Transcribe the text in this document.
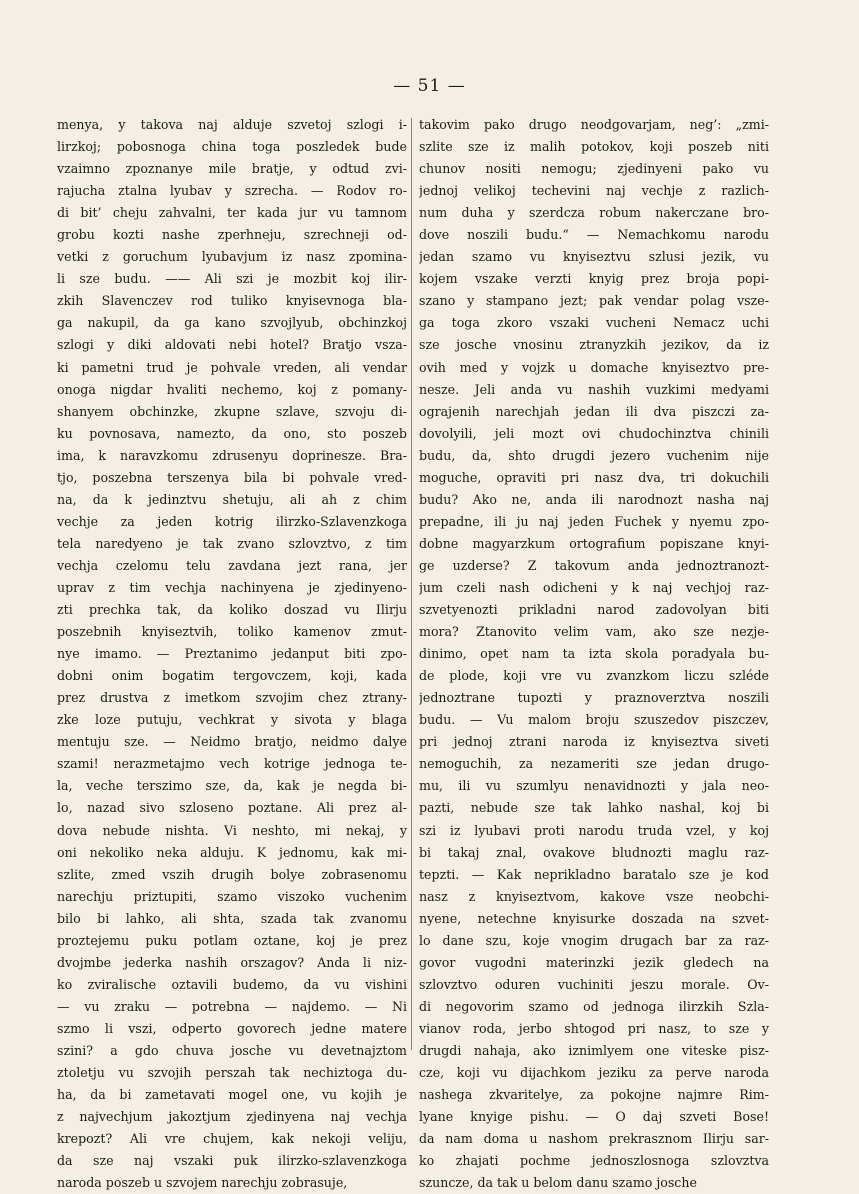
— 51 —
menya, y takova naj alduje szvetoj szlogi i-
lirzkoj; pobosnoga china toga poszledek bude
vzaimno zpoznanye mile bratje, y odtud zvi-
rajucha ztalna lyubav y szrecha. — Rodov ro-
di bit’ cheju zahvalni, ter kada jur vu tamnom
grobu kozti nashe zperhneju, szrechneji od-
vetki z goruchum lyubavjum iz nasz zpomina-
li sze budu. —— Ali szi je mozbit koj ilir-
zkih Slavenczev rod tuliko knyisevnoga bla-
ga nakupil, da ga kano szvojlyub, obchinzkoj
szlogi y diki aldovati nebi hotel? Bratjo vsza-
ki pametni trud je pohvale vreden, ali vendar
onoga nigdar hvaliti nechemo, koj z pomany-
shanyem obchinzke, zkupne szlave, szvoju di-
ku povnosava, nameztо, da ono, sto poszeb
ima, k naravzkomu zdrusenyu doprinesze. Bra-
tjo, poszebna terszenya bila bi pohvale vred-
na, da k jedinztvu shetuju, ali ah z chim
vechje za jeden kotrig ilirzko-Szlavenzkoga
tela naredyeno je tak zvano szlovztvo, z tim
vechja czelomu telu zavdana jezt rana, jer
uprav z tim vechja nachinyena je zjedinyeno-
zti prechka tak, da koliko doszad vu Ilirju
poszebnih knyiseztvih, toliko kamenov zmut-
nye imamo. — Preztanimo jedanput biti zpo-
dobni onim bogatim tergovczem, koji, kada
prez drustva z imetkom szvojim chez ztrany-
zke loze putuju, vechkrat y sivota y blaga
mentuju sze. — Neidmo bratjo, neidmo dalye
szami! nerazmetajmo vech kotrige jednoga te-
la, veche terszimo sze, da, kak je negda bi-
lo, nazad sivo szloseno poztane. Ali prez al-
dova nebude nishta. Vi neshto, mi nekaj, y
oni nekoliko neka alduju. K jednomu, kak mi-
szlite, zmed vszih drugih bolye zobrasenomu
narechju priztupiti, szamo viszoko vuchenim
bilo bi lahko, ali shta, szada tak zvanomu
proztejemu puku potlam oztane, koj je prez
dvojmbe jederka nashih orszagov? Anda li niz-
ko zviralische oztavili budemo, da vu vishini
— vu zraku — potrebna — najdemo. — Ni
szmo li vszi, odperto govorech jedne matere
szini? a gdo chuva josche vu devetnajztom
ztoletju vu szvojih perszah tak nechiztoga du-
ha, da bi zametavati mogel one, vu kojih je
z najvechjum jakoztjum zjedinyena naj vechja
krepozt? Ali vre chujem, kak nekoji veliju,
da sze naj vszaki puk ilirzko-szlavenzkoga
naroda poszeb u szvojem narechju zobrasuje,
takovim pako drugo neodgovarjam, neg’: „zmi-
szlite sze iz malih potokov, koji poszeb niti
chunov nositi nemogu; zjedinyeni pako vu
jednoj velikoj techevini naj vechje z razlich-
num duha y szerdcza robum nakerczane bro-
dove noszili budu.“ — Nemachkomu narodu
jedan szamo vu knyiseztvu szlusi jezik, vu
kojem vszake verzti knyig prez broja popi-
szano y stampano jezt; pak vendar polag vsze-
ga toga zkoro vszaki vucheni Nemacz uchi
sze josche vnosinu ztranyzkih jezikov, da iz
ovih med y vojzk u domache knyiseztvo pre-
nesze. Jeli anda vu nashih vuzkimi medyami
ograjenih narechjah jedan ili dva piszczi za-
dovolyili, jeli mozt ovi chudochinztva chinili
budu, da, shto drugdi jezero vuchenim nije
moguche, opraviti pri nasz dva, tri dokuchili
budu? Ako ne, anda ili narodnozt nasha naj
prepadne, ili ju naj jeden Fuchek y nyemu zpo-
dobne magyarzkum ortografium popiszane knyi-
ge uzderse? Z takovum anda jednoztranozt-
jum czeli nash odicheni y k naj vechjoj raz-
szvetyenozti prikladni narod zadovolyan biti
mora? Ztanovito velim vam, ako sze nezje-
dinimo, opet nam ta izta skola poradyala bu-
de plode, koji vre vu zvanzkom liczu szléde
jednoztrane tupozti y praznoverztva noszili
budu. — Vu malom broju szuszedov piszczev,
pri jednoj ztrani naroda iz knyiseztva siveti
nemoguchih, za nezameriti sze jedan drugo-
mu, ili vu szumlyu nenavidnozti y jala neo-
pazti, nebude sze tak lahko nashal, koj bi
szi iz lyubavi proti narodu truda vzel, y koj
bi takaj znal, ovakove bludnozti maglu raz-
tepzti. — Kak neprikladno baratalo sze je kod
nasz z knyiseztvom, kakove vsze neobchi-
nyene, netechne knyisurke doszada na szvet-
lo dane szu, koje vnogim drugach bar za raz-
govor vugodni materinzki jezik gledech na
szlovztvo oduren vuchiniti jeszu morale. Ov-
di negovorim szamo od jednoga ilirzkih Szla-
vianov roda, jerbo shtogod pri nasz, to sze y
drugdi nahaja, ako iznimlyem one viteske pisz-
cze, koji vu dijachkom jeziku za perve naroda
nashega zkvaritelye, za pokojne najmre Rim-
lyane knyige pishu. — O daj szveti Bose!
da nam doma u nashom prekrasznom Ilirju sar-
ko zhajati pochme jednoszlosnoga szlovztva
szuncze, da tak u belom danu szamo josche
